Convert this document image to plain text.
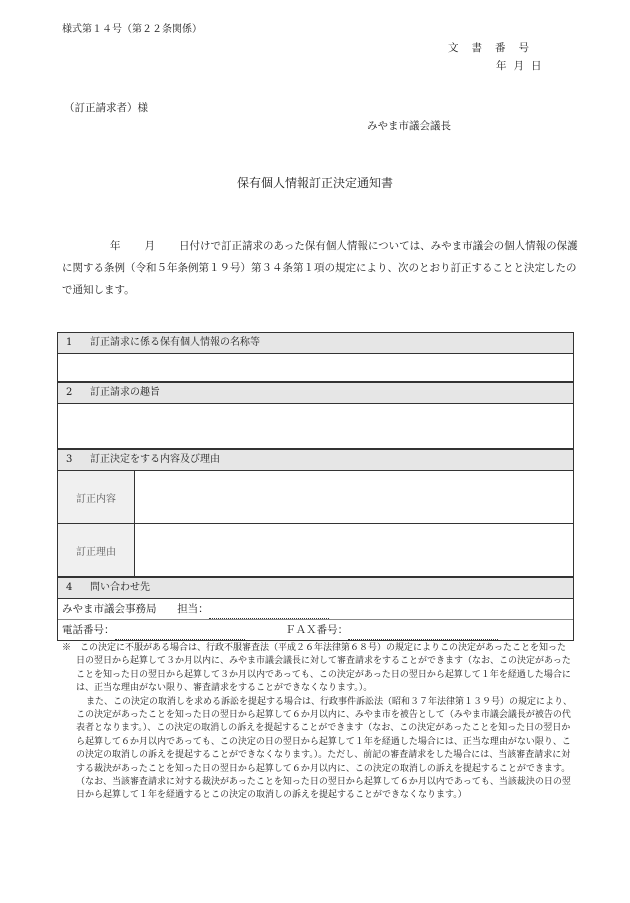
様式第１４号（第２２条関係）
文書番号
年月日
（訂正請求者）様
みやま市議会議長
保有個人情報訂正決定通知書
年 月 日付けで訂正請求のあった保有個人情報については、みやま市議会の個人情報の保護に関する条例（令和５年条例第１９号）第３４条第１項の規定により、次のとおり訂正することと決定したので通知します。
1 訂正請求に係る保有個人情報の名称等
2 訂正請求の趣旨
3 訂正決定をする内容及び理由
訂正内容
訂正理由
4 問い合わせ先
みやま市議会事務局 担当：
電話番号：	ＦＡＸ番号：

※　 この決定に不服がある場合は、行政不服審査法（平成２６年法律第６８号）の規定によりこの決定があったことを知った日の翌日から起算して３か月以内に、みやま市議会議長に対して審査請求をすることができます（なお、この決定があったことを知った日の翌日から起算して３か月以内であっても、この決定があった日の翌日から起算して１年を経過した場合には、正当な理由がない限り、審査請求をすることができなくなります。）。

また、この決定の取消しを求める訴訟を提起する場合は、行政事件訴訟法（昭和３７年法律第１３９号）の規定により、この決定があったことを知った日の翌日から起算して６か月以内に、みやま市を被告として（みやま市議会議長が被告の代表者となります。）、この決定の取消しの訴えを提起することができます（なお、この決定があったことを知った日の翌日から起算して６か月以内であっても、この決定の日の翌日から起算して１年を経過した場合には、正当な理由がない限り、この決定の取消しの訴えを提起することができなくなります。）。ただし、前記の審査請求をした場合には、当該審査請求に対する裁決があったことを知った日の翌日から起算して６か月以内に、この決定の取消しの訴えを提起することができます。（なお、当該審査請求に対する裁決があったことを知った日の翌日から起算して６か月以内であっても、当該裁決の日の翌日から起算して１年を経過するとこの決定の取消しの訴えを提起することができなくなります。）
